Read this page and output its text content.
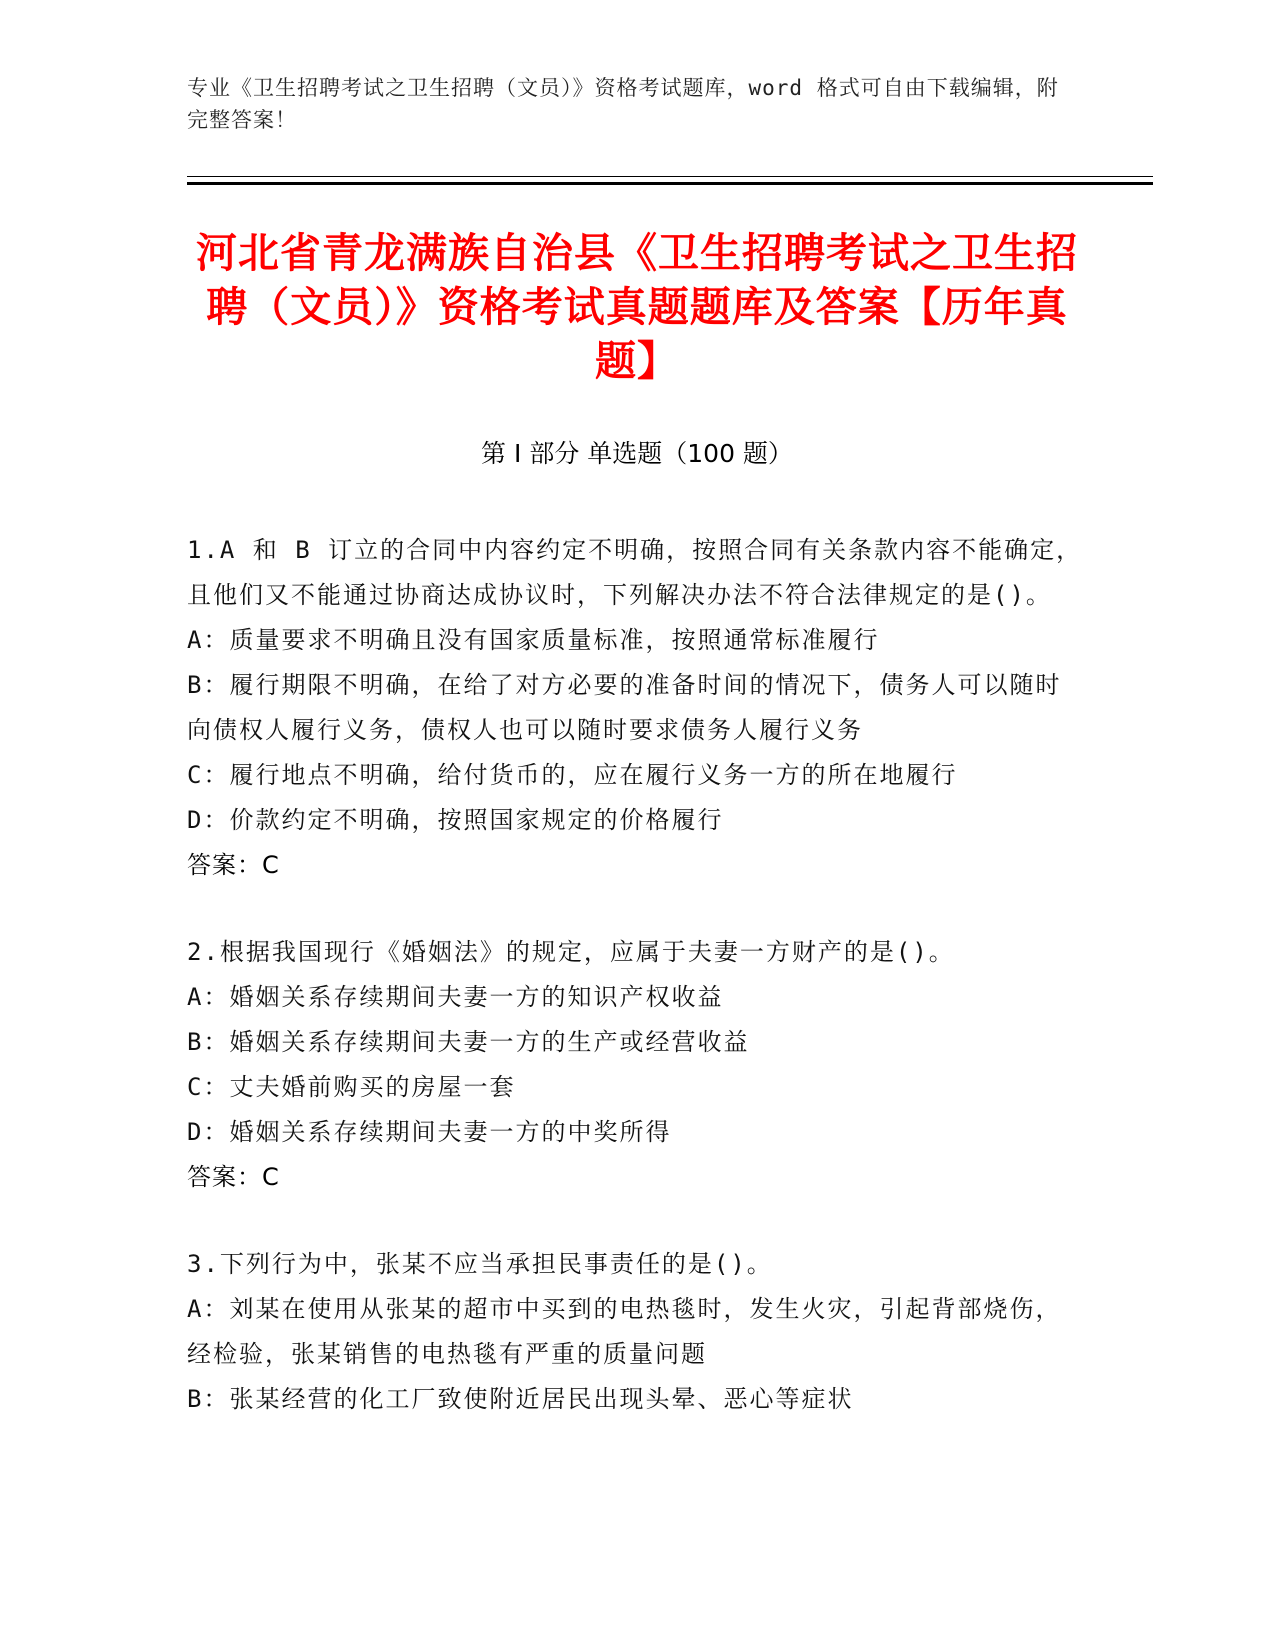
专业《卫生招聘考试之卫生招聘（文员）》资格考试题库，word 格式可自由下载编辑，附完整答案！
河北省青龙满族自治县《卫生招聘考试之卫生招聘（文员）》资格考试真题题库及答案【历年真题】
第 I 部分 单选题（100 题）
1.A 和 B 订立的合同中内容约定不明确，按照合同有关条款内容不能确定，且他们又不能通过协商达成协议时，下列解决办法不符合法律规定的是()。
A：质量要求不明确且没有国家质量标准，按照通常标准履行
B：履行期限不明确，在给了对方必要的准备时间的情况下，债务人可以随时向债权人履行义务，债权人也可以随时要求债务人履行义务
C：履行地点不明确，给付货币的，应在履行义务一方的所在地履行
D：价款约定不明确，按照国家规定的价格履行
答案：C
2.根据我国现行《婚姻法》的规定，应属于夫妻一方财产的是()。
A：婚姻关系存续期间夫妻一方的知识产权收益
B：婚姻关系存续期间夫妻一方的生产或经营收益
C：丈夫婚前购买的房屋一套
D：婚姻关系存续期间夫妻一方的中奖所得
答案：C
3.下列行为中，张某不应当承担民事责任的是()。
A：刘某在使用从张某的超市中买到的电热毯时，发生火灾，引起背部烧伤，经检验，张某销售的电热毯有严重的质量问题
B：张某经营的化工厂致使附近居民出现头晕、恶心等症状
